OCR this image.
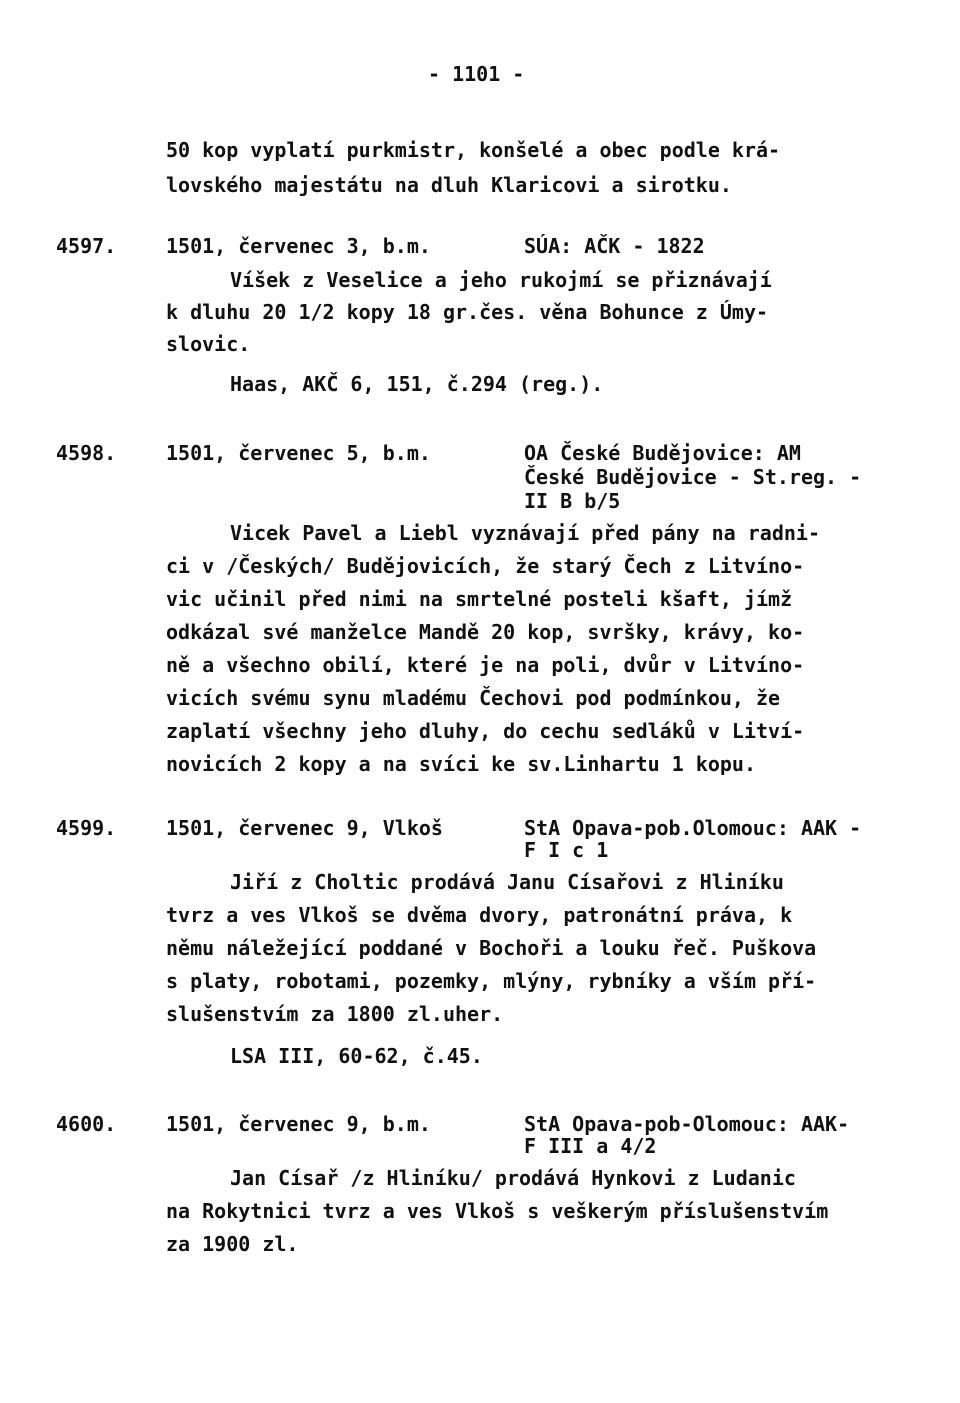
- 1101 -
50 kop vyplatí purkmistr, konšelé a obec podle krá-
lovského majestátu na dluh Klaricovi a sirotku.
4597. 1501, červenec 3, b.m.	SÚA: AČK - 1822
Víšek z Veselice a jeho rukojmí se přiznávají
k dluhu 20 1/2 kopy 18 gr.čes. věna Bohunce z Úmy-
slovic.
Haas, AKČ 6, 151, č.294 (reg.).
4598. 1501, červenec 5, b.m.	OA České Budějovice: AM
České Budějovice - St.reg. -
II B b/5
Vicek Pavel a Liebl vyznávají před pány na radni-
ci v /Českých/ Budějovicích, že starý Čech z Litvíno-
vic učinil před nimi na smrtelné posteli kšaft, jímž
odkázal své manželce Mandě 20 kop, svršky, krávy, ko-
ně a všechno obilí, které je na poli, dvůr v Litvíno-
vicích svému synu mladému Čechovi pod podmínkou, že
zaplatí všechny jeho dluhy, do cechu sedláků v Litví-
novicích 2 kopy a na svíci ke sv.Linhartu 1 kopu.
4599. 1501, červenec 9, Vlkoš	StA Opava-pob.Olomouc: AAK -
F I c 1
Jiří z Choltic prodává Janu Císařovi z Hliníku
tvrz a ves Vlkoš se dvěma dvory, patronátní práva, k
němu náležející poddané v Bochoři a louku řeč. Puškova
s platy, robotami, pozemky, mlýny, rybníky a vším pří-
slušenstvím za 1800 zl.uher.
LSA III, 60-62, č.45.
4600. 1501, červenec 9, b.m.	StA Opava-pob-Olomouc: AAK-
F III a 4/2
Jan Císař /z Hliníku/ prodává Hynkovi z Ludanic
na Rokytnici tvrz a ves Vlkoš s veškerým příslušenstvím
za 1900 zl.
